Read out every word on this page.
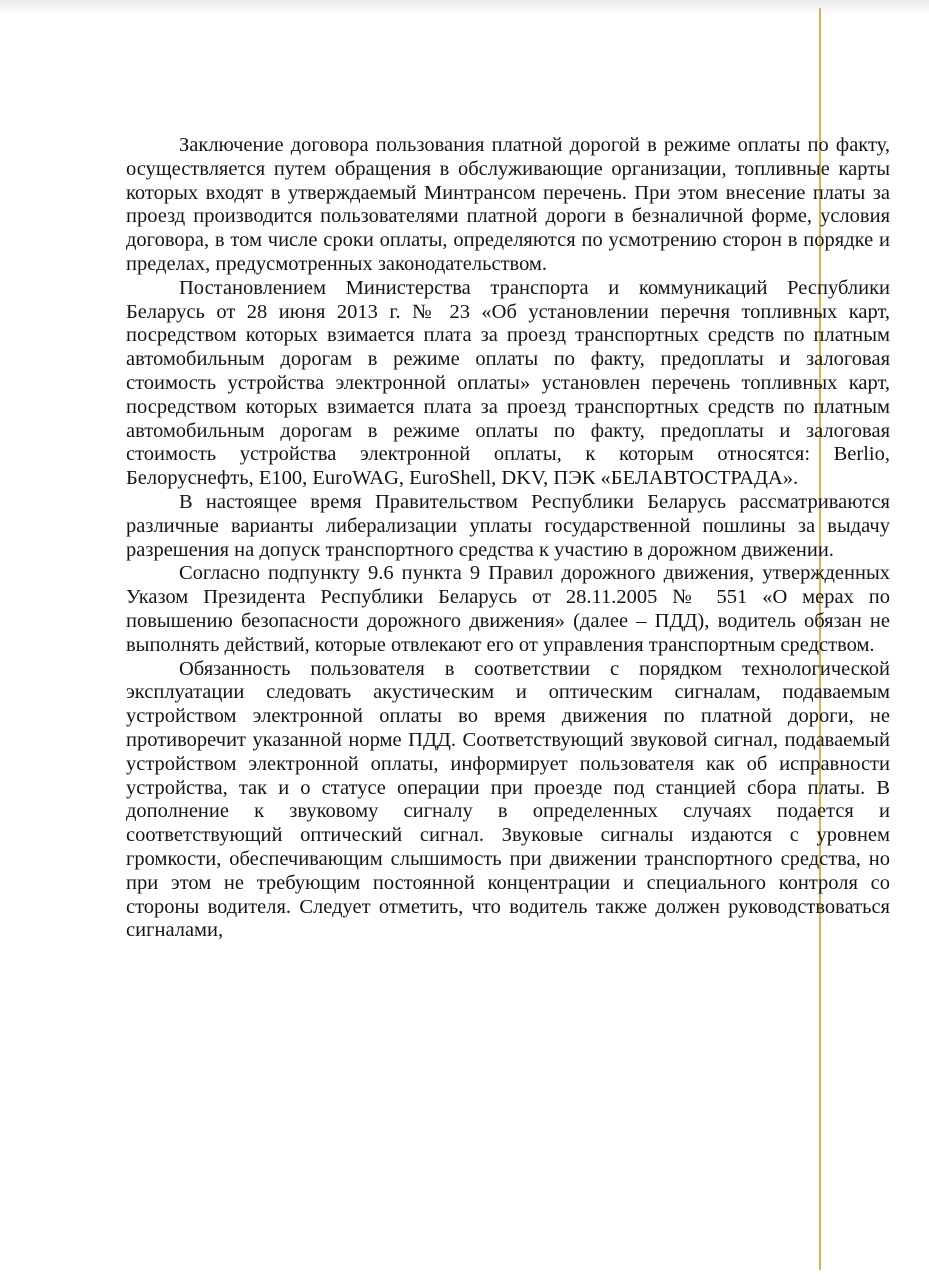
Заключение договора пользования платной дорогой в режиме оплаты по факту, осуществляется путем обращения в обслуживающие организации, топливные карты которых входят в утверждаемый Минтрансом перечень. При этом внесение платы за проезд производится пользователями платной дороги в безналичной форме, условия договора, в том числе сроки оплаты, определяются по усмотрению сторон в порядке и пределах, предусмотренных законодательством.

Постановлением Министерства транспорта и коммуникаций Республики Беларусь от 28 июня 2013 г. № 23 «Об установлении перечня топливных карт, посредством которых взимается плата за проезд транспортных средств по платным автомобильным дорогам в режиме оплаты по факту, предоплаты и залоговая стоимость устройства электронной оплаты» установлен перечень топливных карт, посредством которых взимается плата за проезд транспортных средств по платным автомобильным дорогам в режиме оплаты по факту, предоплаты и залоговая стоимость устройства электронной оплаты, к которым относятся: Berlio, Белоруснефть, Е100, EuroWAG, EuroShell, DKV, ПЭК «БЕЛАВТОСТРАДА».

В настоящее время Правительством Республики Беларусь рассматриваются различные варианты либерализации уплаты государственной пошлины за выдачу разрешения на допуск транспортного средства к участию в дорожном движении.

Согласно подпункту 9.6 пункта 9 Правил дорожного движения, утвержденных Указом Президента Республики Беларусь от 28.11.2005 № 551 «О мерах по повышению безопасности дорожного движения» (далее – ПДД), водитель обязан не выполнять действий, которые отвлекают его от управления транспортным средством.

Обязанность пользователя в соответствии с порядком технологической эксплуатации следовать акустическим и оптическим сигналам, подаваемым устройством электронной оплаты во время движения по платной дороги, не противоречит указанной норме ПДД. Соответствующий звуковой сигнал, подаваемый устройством электронной оплаты, информирует пользователя как об исправности устройства, так и о статусе операции при проезде под станцией сбора платы. В дополнение к звуковому сигналу в определенных случаях подается и соответствующий оптический сигнал. Звуковые сигналы издаются с уровнем громкости, обеспечивающим слышимость при движении транспортного средства, но при этом не требующим постоянной концентрации и специального контроля со стороны водителя. Следует отметить, что водитель также должен руководствоваться сигналами,
